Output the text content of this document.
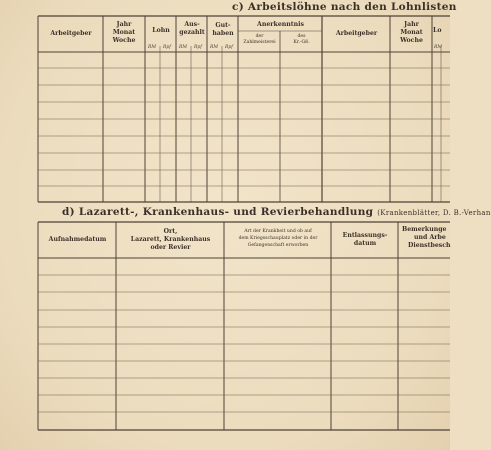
c) Arbeitslöhne nach den Lohnlisten
Arbeitgeber
Jahr
Monat
Woche
Lohn
Aus-
gezahlt
Gut-
haben
Anerkenntnis
der
Zahlmeisterei
des
Kr.-Gß.
Arbeitgeber
Jahr
Monat
Woche
Lo
RM Rpf RM Rpf RM Rpf	RM
d) Lazarett-, Krankenhaus- und Revierbehandlung (Krankenblätter, D. B.-Verhan
Aufnahmedatum
Ort,
Lazarett, Krankenhaus
oder Revier
Art der Krankheit und ob auf
dem Kriegsschauplatz oder in der
Gefangenschaft erworben
Entlassungs-
datum
Bemerkunge
und Arbe
Dienstbesch
